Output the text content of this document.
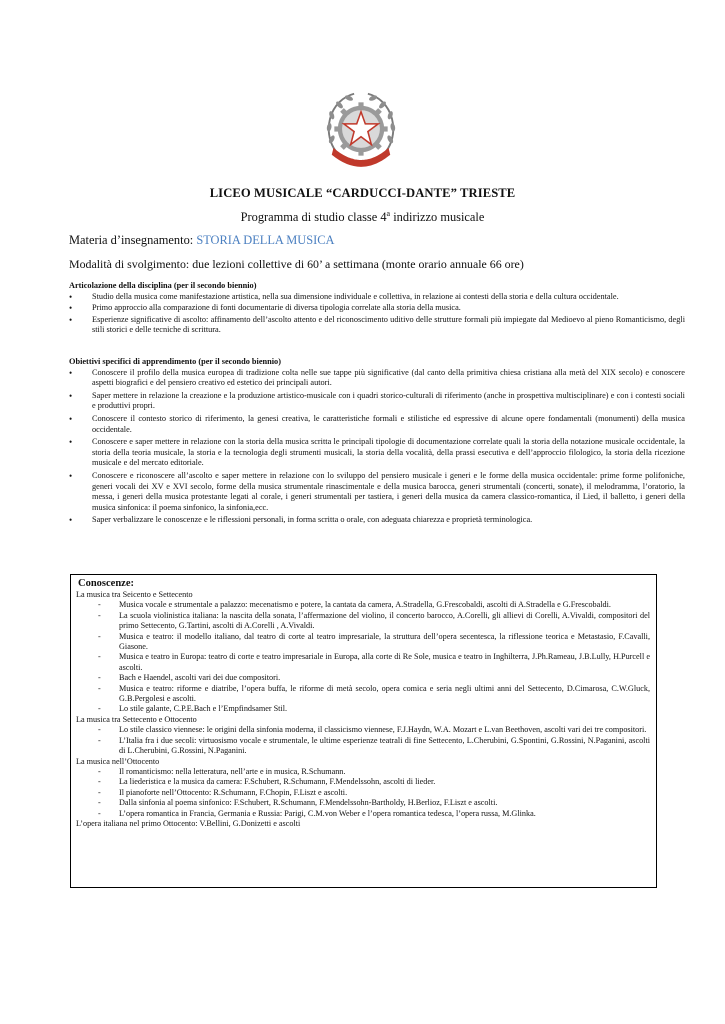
EPUBBLICA ITALIAN
LICEO MUSICALE “CARDUCCI-DANTE” TRIESTE
Programma di studio classe 4$^a$ indirizzo musicale
Materia d’insegnamento: STORIA DELLA MUSICA
Modalità di svolgimento: due lezioni collettive di 60’ a settimana (monte orario annuale 66 ore)
Articolazione della disciplina (per il secondo biennio)
• Studio della musica come manifestazione artistica, nella sua dimensione individuale e collettiva, in relazione ai contesti della storia e della cultura occidentale.
• Primo approccio alla comparazione di fonti documentarie di diversa tipologia correlate alla storia della musica.
• Esperienze significative di ascolto: affinamento dell’ascolto attento e del riconoscimento uditivo delle strutture formali più impiegate dal Medioevo al pieno Romanticismo, degli stili storici e delle tecniche di scrittura.
Obiettivi specifici di apprendimento (per il secondo biennio)
• Conoscere il profilo della musica europea di tradizione colta nelle sue tappe più significative (dal canto della primitiva chiesa cristiana alla metà del XIX secolo) e conoscere aspetti biografici e del pensiero creativo ed estetico dei principali autori.
• Saper mettere in relazione la creazione e la produzione artistico-musicale con i quadri storico-culturali di riferimento (anche in prospettiva multisciplinare) e con i contesti sociali e produttivi propri.
• Conoscere il contesto storico di riferimento, la genesi creativa, le caratteristiche formali e stilistiche ed espressive di alcune opere fondamentali (monumenti) della musica occidentale.
• Conoscere e saper mettere in relazione con la storia della musica scritta le principali tipologie di documentazione correlate quali la storia della notazione musicale occidentale, la storia della teoria musicale, la storia e la tecnologia degli strumenti musicali, la storia della vocalità, della prassi esecutiva e dell’approccio filologico, la storia della ricezione musicale e del mercato editoriale.
• Conoscere e riconoscere all’ascolto e saper mettere in relazione con lo sviluppo del pensiero musicale i generi e le forme della musica occidentale: prime forme polifoniche, generi vocali dei XV e XVI secolo, forme della musica strumentale rinascimentale e della musica barocca, generi strumentali (concerti, sonate), il melodramma, l’oratorio, la messa, i generi della musica protestante legati al corale, i generi strumentali per tastiera, i generi della musica da camera classico-romantica, il Lied, il balletto, i generi della musica sinfonica: il poema sinfonico, la sinfonia,ecc.
• Saper verbalizzare le conoscenze e le riflessioni personali, in forma scritta o orale, con adeguata chiarezza e proprietà terminologica.
Conoscenze:
La musica tra Seicento e Settecento
- Musica vocale e strumentale a palazzo: mecenatismo e potere, la cantata da camera, A.Stradella, G.Frescobaldi, ascolti di A.Stradella e G.Frescobaldi.
- La scuola violinistica italiana: la nascita della sonata, l’affermazione del violino, il concerto barocco, A.Corelli, gli allievi di Corelli, A.Vivaldi, compositori del primo Settecento, G.Tartini, ascolti di A.Corelli , A.Vivaldi.
- Musica e teatro: il modello italiano, dal teatro di corte al teatro impresariale, la struttura dell’opera secentesca, la riflessione teorica e Metastasio, F.Cavalli, Giasone.
- Musica e teatro in Europa: teatro di corte e teatro impresariale in Europa, alla corte di Re Sole, musica e teatro in Inghilterra, J.Ph.Rameau, J.B.Lully, H.Purcell e ascolti.
- Bach e Haendel, ascolti vari dei due compositori.
- Musica e teatro: riforme e diatribe, l’opera buffa, le riforme di metà secolo, opera comica e seria negli ultimi anni del Settecento, D.Cimarosa, C.W.Gluck, G.B.Pergolesi e ascolti.
- Lo stile galante, C.P.E.Bach e l’Empfindsamer Stil.
La musica tra Settecento e Ottocento
- Lo stile classico viennese: le origini della sinfonia moderna, il classicismo viennese, F.J.Haydn, W.A. Mozart e L.van Beethoven, ascolti vari dei tre compositori.
- L’Italia fra i due secoli: virtuosismo vocale e strumentale, le ultime esperienze teatrali di fine Settecento, L.Cherubini, G.Spontini, G.Rossini, N.Paganini, ascolti di L.Cherubini, G.Rossini, N.Paganini.
La musica nell’Ottocento
- Il romanticismo: nella letteratura, nell’arte e in musica, R.Schumann.
- La liederistica e la musica da camera: F.Schubert, R.Schumann, F.Mendelssohn, ascolti di lieder.
- Il pianoforte nell’Ottocento: R.Schumann, F.Chopin, F.Liszt e ascolti.
- Dalla sinfonia al poema sinfonico: F.Schubert, R.Schumann, F.Mendelssohn-Bartholdy, H.Berlioz, F.Liszt e ascolti.
- L’opera romantica in Francia, Germania e Russia: Parigi, C.M.von Weber e l’opera romantica tedesca, l’opera russa, M.Glinka.
L’opera italiana nel primo Ottocento: V.Bellini, G.Donizetti e ascolti
